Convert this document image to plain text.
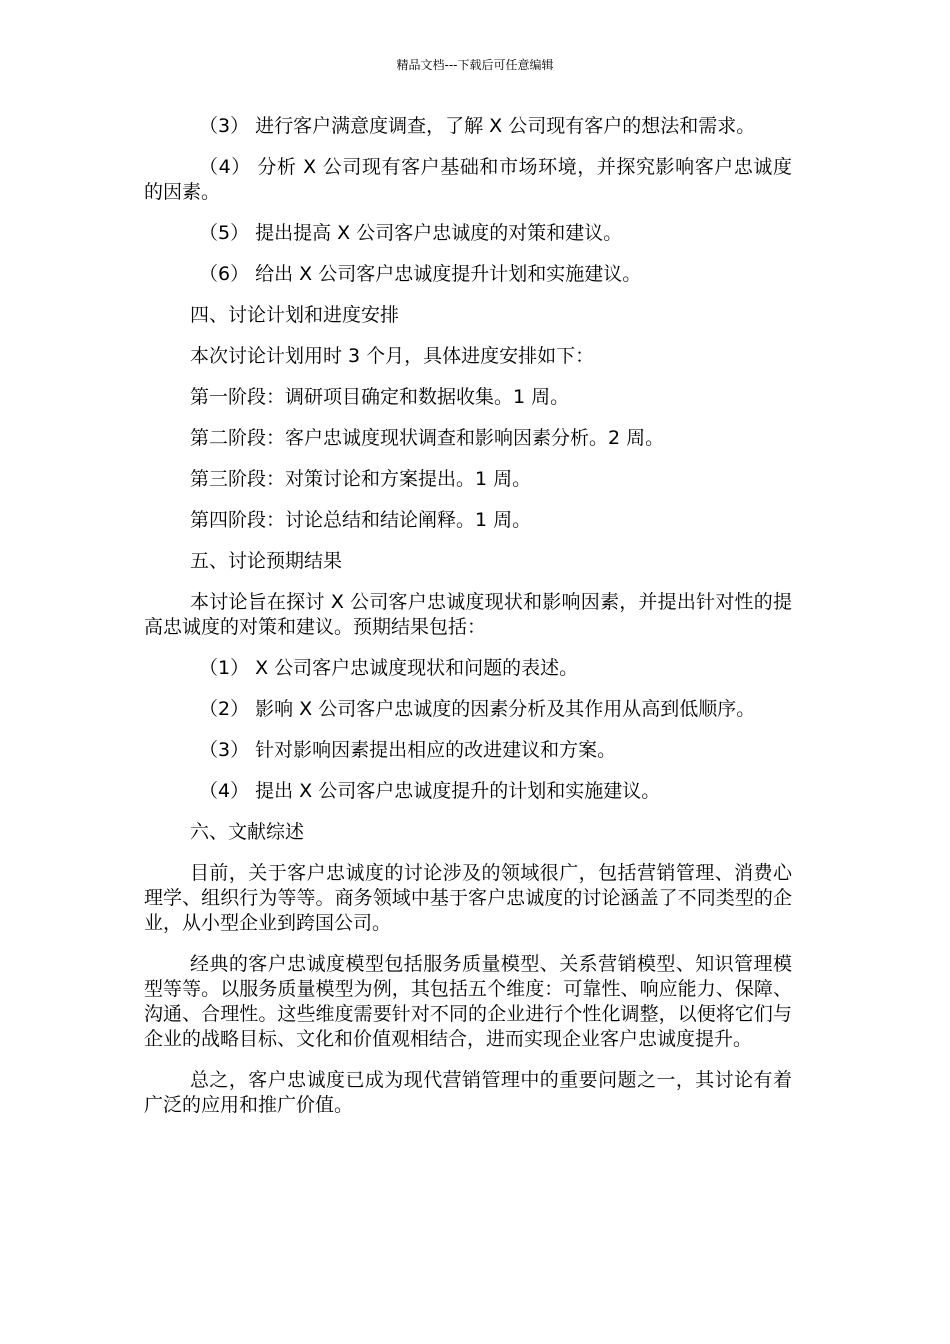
精品文档---下载后可任意编辑

（3） 进行客户满意度调查，了解 X 公司现有客户的想法和需求。

（4） 分析 X 公司现有客户基础和市场环境，并探究影响客户忠诚度的因素。

（5） 提出提高 X 公司客户忠诚度的对策和建议。

（6） 给出 X 公司客户忠诚度提升计划和实施建议。

四、讨论计划和进度安排

本次讨论计划用时 3 个月，具体进度安排如下：

第一阶段：调研项目确定和数据收集。1 周。

第二阶段：客户忠诚度现状调查和影响因素分析。2 周。

第三阶段：对策讨论和方案提出。1 周。

第四阶段：讨论总结和结论阐释。1 周。

五、讨论预期结果

本讨论旨在探讨 X 公司客户忠诚度现状和影响因素，并提出针对性的提高忠诚度的对策和建议。预期结果包括：

（1） X 公司客户忠诚度现状和问题的表述。

（2） 影响 X 公司客户忠诚度的因素分析及其作用从高到低顺序。

（3） 针对影响因素提出相应的改进建议和方案。

（4） 提出 X 公司客户忠诚度提升的计划和实施建议。

六、文献综述

目前，关于客户忠诚度的讨论涉及的领域很广，包括营销管理、消费心理学、组织行为等等。商务领域中基于客户忠诚度的讨论涵盖了不同类型的企业，从小型企业到跨国公司。

经典的客户忠诚度模型包括服务质量模型、关系营销模型、知识管理模型等等。以服务质量模型为例，其包括五个维度：可靠性、响应能力、保障、沟通、合理性。这些维度需要针对不同的企业进行个性化调整，以便将它们与企业的战略目标、文化和价值观相结合，进而实现企业客户忠诚度提升。

总之，客户忠诚度已成为现代营销管理中的重要问题之一，其讨论有着广泛的应用和推广价值。
